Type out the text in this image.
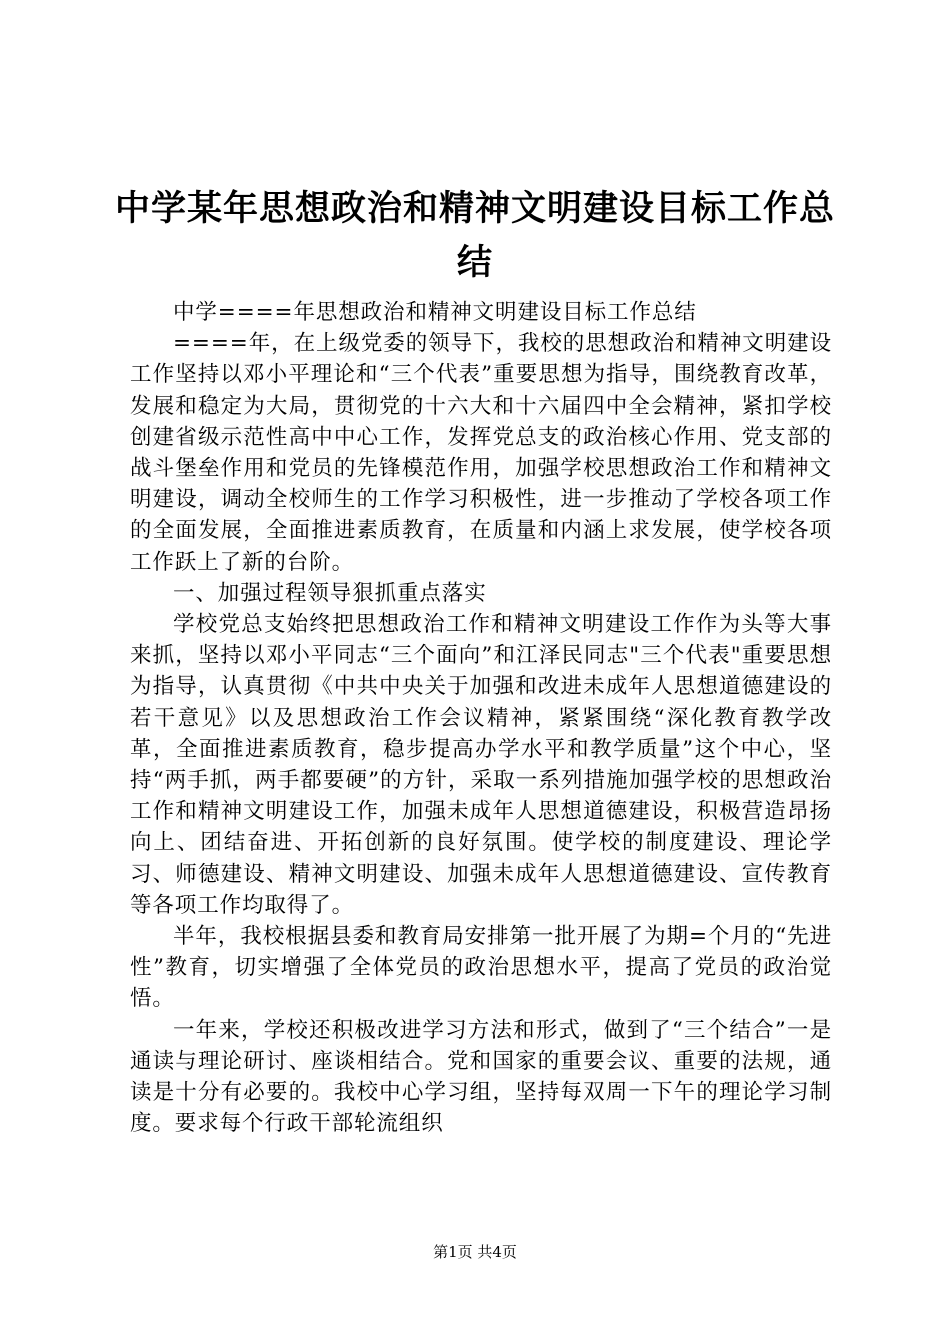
中学某年思想政治和精神文明建设目标工作总结

中学====年思想政治和精神文明建设目标工作总结

====年，在上级党委的领导下，我校的思想政治和精神文明建设工作坚持以邓小平理论和“三个代表”重要思想为指导，围绕教育改革，发展和稳定为大局，贯彻党的十六大和十六届四中全会精神，紧扣学校创建省级示范性高中中心工作，发挥党总支的政治核心作用、党支部的战斗堡垒作用和党员的先锋模范作用，加强学校思想政治工作和精神文明建设，调动全校师生的工作学习积极性，进一步推动了学校各项工作的全面发展，全面推进素质教育，在质量和内涵上求发展，使学校各项工作跃上了新的台阶。

一、加强过程领导狠抓重点落实

学校党总支始终把思想政治工作和精神文明建设工作作为头等大事来抓，坚持以邓小平同志“三个面向”和江泽民同志"三个代表"重要思想为指导，认真贯彻《中共中央关于加强和改进未成年人思想道德建设的若干意见》以及思想政治工作会议精神，紧紧围绕“深化教育教学改革，全面推进素质教育，稳步提高办学水平和教学质量”这个中心，坚持“两手抓，两手都要硬”的方针，采取一系列措施加强学校的思想政治工作和精神文明建设工作，加强未成年人思想道德建设，积极营造昂扬向上、团结奋进、开拓创新的良好氛围。使学校的制度建设、理论学习、师德建设、精神文明建设、加强未成年人思想道德建设、宣传教育等各项工作均取得了。

半年，我校根据县委和教育局安排第一批开展了为期=个月的“先进性”教育，切实增强了全体党员的政治思想水平，提高了党员的政治觉悟。

一年来，学校还积极改进学习方法和形式，做到了“三个结合”一是通读与理论研讨、座谈相结合。党和国家的重要会议、重要的法规，通读是十分有必要的。我校中心学习组，坚持每双周一下午的理论学习制度。要求每个行政干部轮流组织

第1页 共4页
